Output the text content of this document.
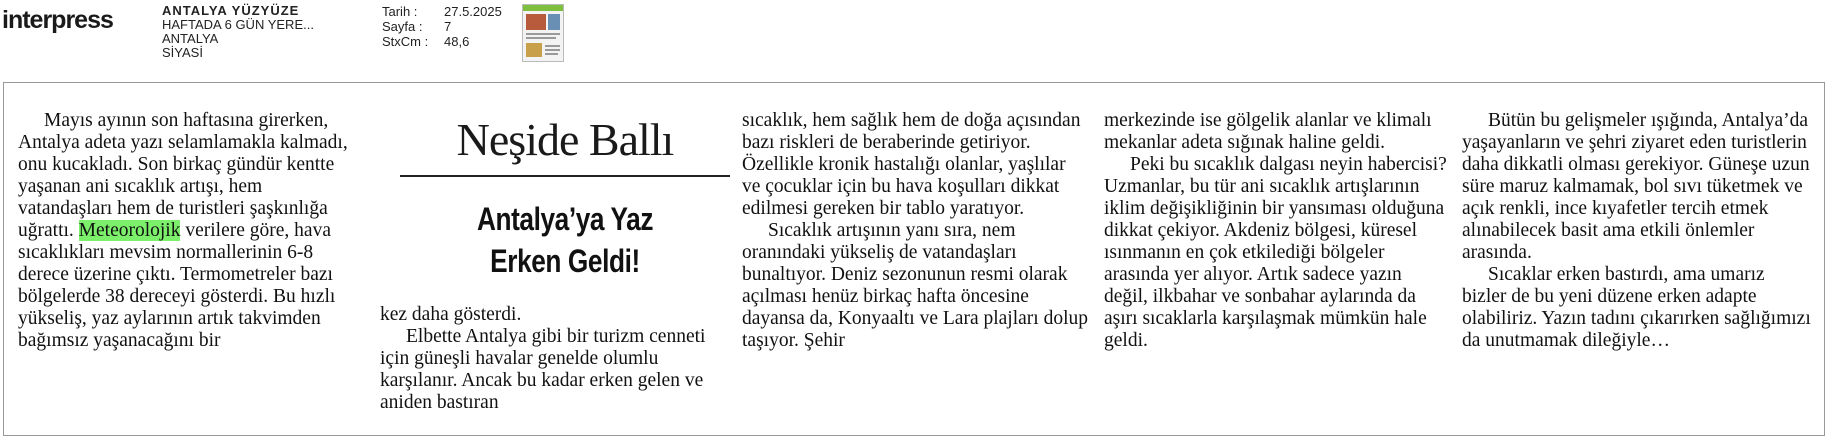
interpress	ANTALYA YÜZYÜZE
HAFTADA 6 GÜN YERE...
ANTALYA
SİYASİ
Tarih :	27.5.2025
Sayfa :	7
StxCm :	48,6

Mayıs ayının son haftasına girerken, Antalya adeta yazı selamlamakla kalmadı, onu kucakladı. Son birkaç gündür kentte yaşanan ani sıcaklık artışı, hem vatandaşları hem de turistleri şaşkınlığa uğrattı. Meteorolojik verilere göre, hava sıcaklıkları mevsim normallerinin 6-8 derece üzerine çıktı. Termometreler bazı bölgelerde 38 dereceyi gösterdi. Bu hızlı yükseliş, yaz aylarının artık takvimden bağımsız yaşanacağını bir

Neşide Ballı
Antalya’ya Yaz
Erken Geldi!

kez daha gösterdi.

Elbette Antalya gibi bir turizm cenneti için güneşli havalar genelde olumlu karşılanır. Ancak bu kadar erken gelen ve aniden bastıran

sıcaklık, hem sağlık hem de doğa açısından bazı riskleri de beraberinde getiriyor. Özellikle kronik hastalığı olanlar, yaşlılar ve çocuklar için bu hava koşulları dikkat edilmesi gereken bir tablo yaratıyor.

Sıcaklık artışının yanı sıra, nem oranındaki yükseliş de vatandaşları bunaltıyor. Deniz sezonunun resmi olarak açılması henüz birkaç hafta öncesine dayansa da, Konyaaltı ve Lara plajları dolup taşıyor. Şehir

merkezinde ise gölgelik alanlar ve klimalı mekanlar adeta sığınak haline geldi.

Peki bu sıcaklık dalgası neyin habercisi? Uzmanlar, bu tür ani sıcaklık artışlarının iklim değişikliğinin bir yansıması olduğuna dikkat çekiyor. Akdeniz bölgesi, küresel ısınmanın en çok etkilediği bölgeler arasında yer alıyor. Artık sadece yazın değil, ilkbahar ve sonbahar aylarında da aşırı sıcaklarla karşılaşmak mümkün hale geldi.

Bütün bu gelişmeler ışığında, Antalya’da yaşayanların ve şehri ziyaret eden turistlerin daha dikkatli olması gerekiyor. Güneşe uzun süre maruz kalmamak, bol sıvı tüketmek ve açık renkli, ince kıyafetler tercih etmek alınabilecek basit ama etkili önlemler arasında.

Sıcaklar erken bastırdı, ama umarız bizler de bu yeni düzene erken adapte olabiliriz. Yazın tadını çıkarırken sağlığımızı da unutmamak dileğiyle…
